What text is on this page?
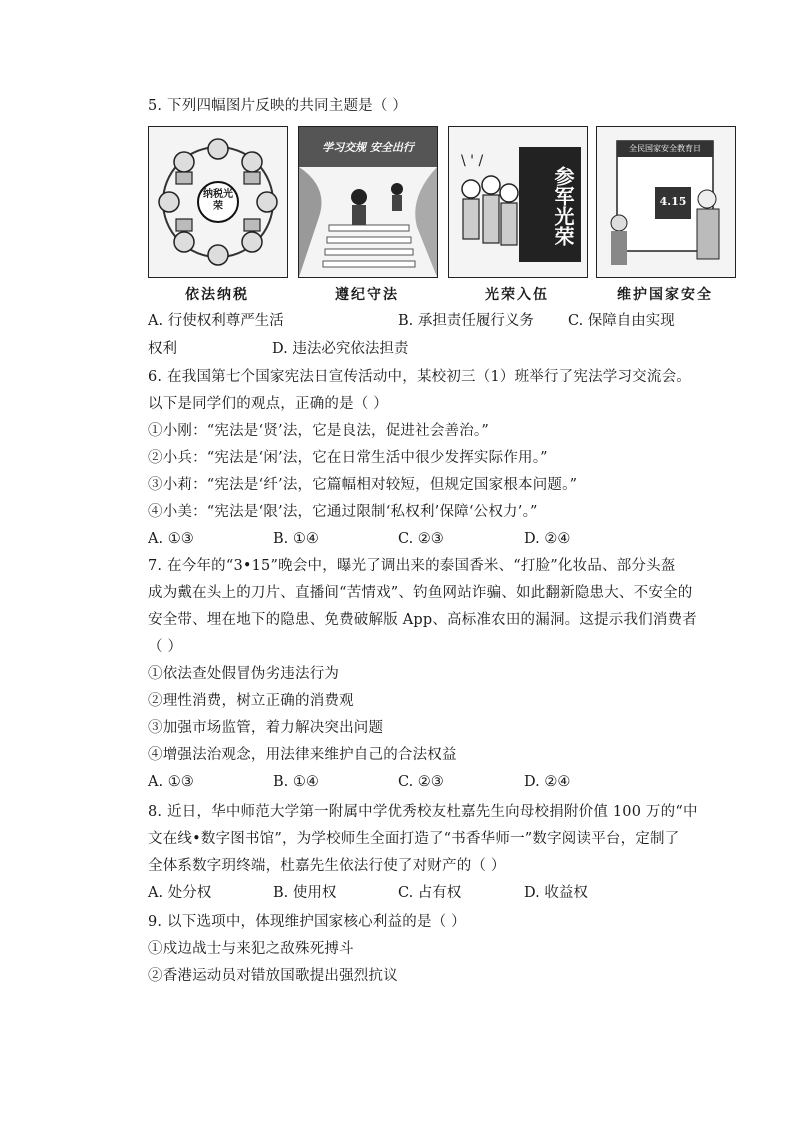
5. 下列四幅图片反映的共同主题是（ ）
纳税光荣
学习交规 安全出行
\ ' /
参军光荣
全民国家安全教育日
4.15
依法纳税	遵纪守法	光荣入伍	维护国家安全
A. 行使权利尊严生活	B. 承担责任履行义务 C. 保障自由实现
权利	D. 违法必究依法担责
6. 在我国第七个国家宪法日宣传活动中，某校初三（1）班举行了宪法学习交流会。
以下是同学们的观点，正确的是（ ）
①小刚：“宪法是‘贤’法，它是良法，促进社会善治。”
②小兵：“宪法是‘闲’法，它在日常生活中很少发挥实际作用。”
③小莉：“宪法是‘纤’法，它篇幅相对较短，但规定国家根本问题。”
④小美：“宪法是‘限’法，它通过限制‘私权利’保障‘公权力’。”
A. ①③	B. ①④	C. ②③	D. ②④
7. 在今年的“3•15”晚会中，曝光了调出来的泰国香米、“打脸”化妆品、部分头盔
成为戴在头上的刀片、直播间“苦情戏”、钓鱼网站诈骗、如此翻新隐患大、不安全的
安全带、埋在地下的隐患、免费破解版 App、高标准农田的漏洞。这提示我们消费者
（ ）
①依法查处假冒伪劣违法行为
②理性消费，树立正确的消费观
③加强市场监管，着力解决突出问题
④增强法治观念，用法律来维护自己的合法权益
A. ①③	B. ①④	C. ②③	D. ②④
8. 近日，华中师范大学第一附属中学优秀校友杜嘉先生向母校捐附价值 100 万的“中
文在线•数字图书馆”，为学校师生全面打造了“书香华师一”数字阅读平台，定制了
全体系数字玥终端，杜嘉先生依法行使了对财产的（ ）
A. 处分权	B. 使用权	C. 占有权	D. 收益权
9. 以下选项中，体现维护国家核心利益的是（ ）
①戍边战士与来犯之敌殊死搏斗
②香港运动员对错放国歌提出强烈抗议
